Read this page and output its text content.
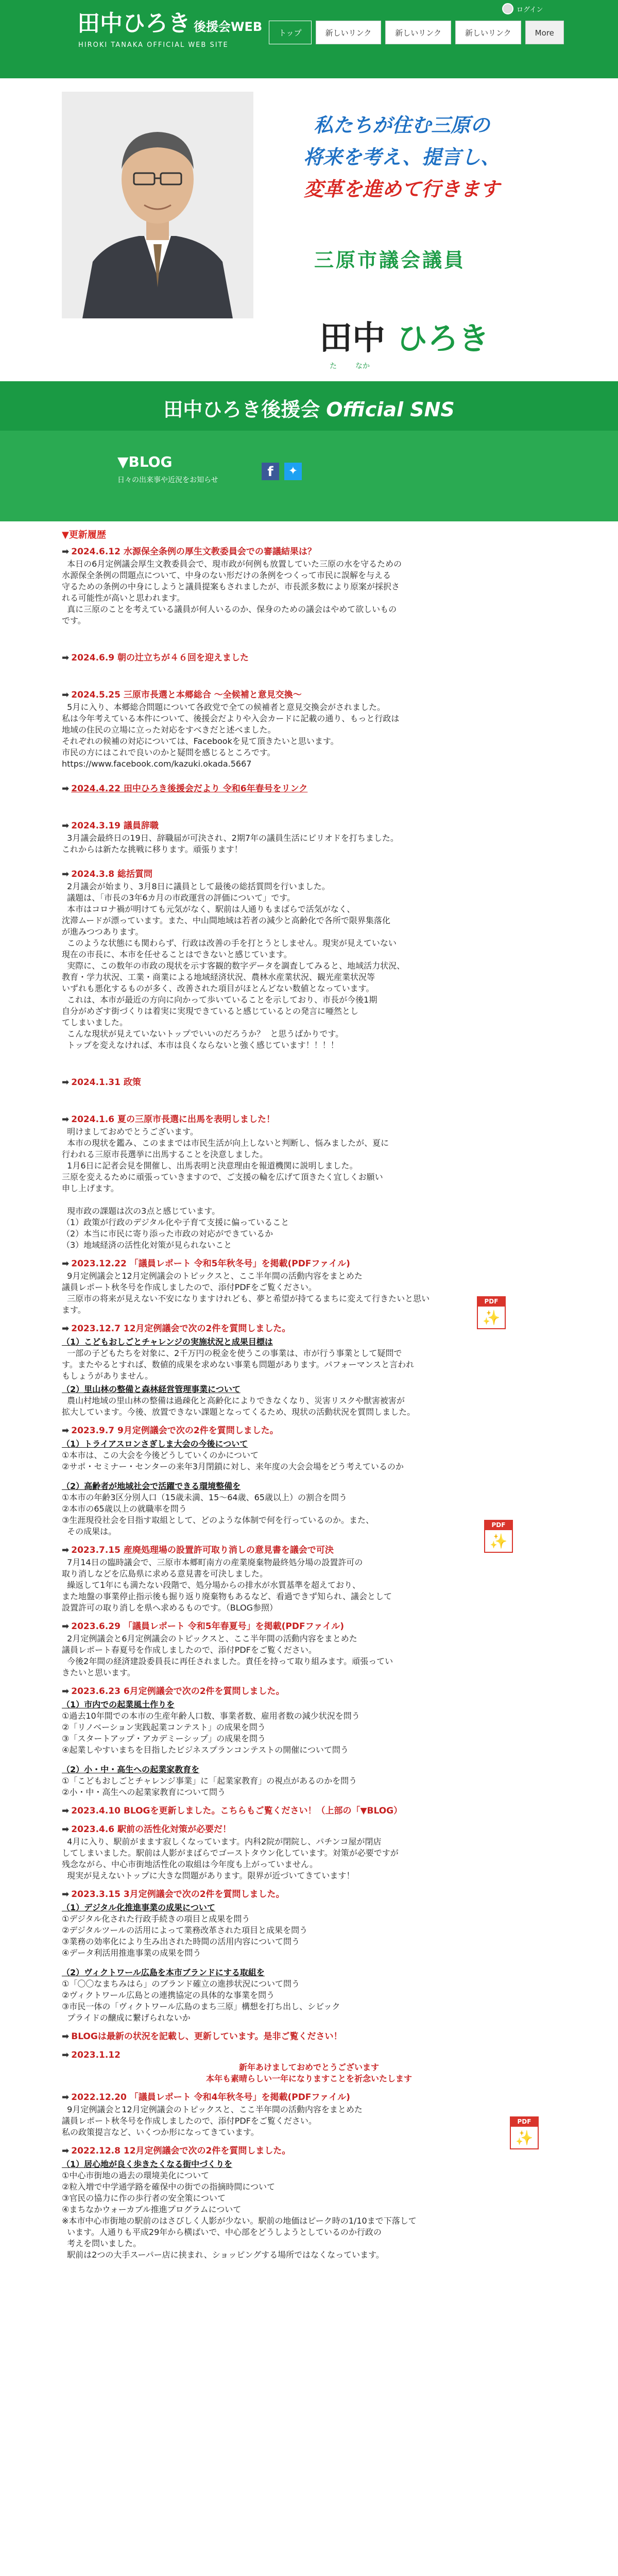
田中ひろき 後援会WEB
HIROKI TANAKA OFFICIAL WEB SITE
ログイン
トップ	新しいリンク	新しいリンク	新しいリンク	More
私たちが住む三原の
将来を考え、提言し、
変革を進めて行きます
三原市議会議員
田中 ひろき
た	なか
田中ひろき後援会 Official SNS
▼BLOG
日々の出来事や近況をお知らせ
f	✦
▼更新履歴
➡ 2024.6.12 水源保全条例の厚生文教委員会での審議結果は？

本日の6月定例議会厚生文教委員会で、現市政が何例も放置していた三原の水を守るための
水源保全条例の問題点について、中身のない形だけの条例をつくって市民に誤解を与える
守るための条例の中身にしようと議員提案もされましたが、市長派多数により原案が採択さ
れる可能性が高いと思われます。
真に三原のことを考えている議員が何人いるのか、保身のための議会はやめて欲しいもの
です。

➡ 2024.6.9 朝の辻立ちが４６回を迎えました
➡ 2024.5.25 三原市長選と本郷総合 ～全候補と意見交換～

5月に入り、本郷総合問題について各政党で全ての候補者と意見交換会がされました。
私は今年考えている本件について、後援会だよりや入会カードに記載の通り、もっと行政は
地域の住民の立場に立った対応をすべきだと述べました。
それぞれの候補の対応については、Facebookを見て頂きたいと思います。
市民の方にはこれで良いのかと疑問を感じるところです。
https://www.facebook.com/kazuki.okada.5667

➡ 2024.4.22 田中ひろき後援会だより 令和6年春号をリンク
➡ 2024.3.19 議員辞職

3月議会最終日の19日、辞職届が可決され、2期7年の議員生活にピリオドを打ちました。
これからは新たな挑戦に移ります。頑張ります！

➡ 2024.3.8 総括質問

2月議会が始まり、3月8日に議員として最後の総括質問を行いました。
議題は、「市長の3年6カ月の市政運営の評価について」です。
本市はコロナ禍が明けても元気がなく、駅前は人通りもまばらで活気がなく、
沈滞ムードが漂っています。また、中山間地域は若者の減少と高齢化で各所で限界集落化
が進みつつあります。
このような状態にも関わらず、行政は改善の手を打とうとしません。現実が見えていない
現在の市長に、本市を任せることはできないと感じています。
実際に、この数年の市政の現状を示す客観的数字データを調査してみると、地域活力状況、
教育・学力状況、工業・商業による地域経済状況、農林水産業状況、観光産業状況等
いずれも悪化するものが多く、改善された項目がほとんどない数値となっています。
これは、本市が最近の方向に向かって歩いていることを示しており、市長が今後1期
自分がめざす街づくりは着実に実現できていると感じているとの発言に唖然とし
てしまいました。
こんな現状が見えていないトップでいいのだろうか？  と思うばかりです。
トップを変えなければ、本市は良くならないと強く感じています！！！！

➡ 2024.1.31 政策
➡ 2024.1.6 夏の三原市長選に出馬を表明しました！

明けましておめでとうございます。
本市の現状を鑑み、このままでは市民生活が向上しないと判断し、悩みましたが、夏に
行われる三原市長選挙に出馬することを決意しました。
1月6日に記者会見を開催し、出馬表明と決意理由を報道機関に説明しました。
三原を変えるために頑張っていきますので、ご支援の輪を広げて頂きたく宜しくお願い
申し上げます。

現市政の課題は次の3点と感じています。
（1）政策が行政のデジタル化や子育て支援に偏っていること
（2）本当に市民に寄り添った市政の対応ができているか
（3）地域経済の活性化対策が見られないこと

➡ 2023.12.22 「議員レポート 令和5年秋冬号」を掲載(PDFファイル)

9月定例議会と12月定例議会のトピックスと、ここ半年間の活動内容をまとめた
議員レポート秋冬号を作成しましたので、添付PDFをご覧ください。
三原市の将来が見えない不安になりますけれども、夢と希望が持てるまちに変えて行きたいと思い
ます。

➡ 2023.12.7 12月定例議会で次の2件を質問しました。
（1）こどもおしごとチャレンジの実施状況と成果目標は

一部の子どもたちを対象に、2千万円の税金を使うこの事業は、市が行う事業として疑問で
す。またやるとすれば、数値的成果を求めない事業も問題があります。パフォーマンスと言われ
もしょうがありません。

（2）里山林の整備と森林経営管理事業について

農山村地域の里山林の整備は過疎化と高齢化によりできなくなり、災害リスクや獣害被害が
拡大しています。今後、放置できない課題となってくるため、現状の活動状況を質問しました。

➡ 2023.9.7 9月定例議会で次の2件を質問しました。
（1）トライアスロンさぎしま大会の今後について

①本市は、この大会を今後どうしていくのかについて
②サポ・セミナー・センターの来年3月閉鎖に対し、来年度の大会会場をどう考えているのか

（2）高齢者が地域社会で活躍できる環境整備を

①本市の年齢3区分別人口（15歳未満、15～64歳、65歳以上）の割合を問う
②本市の65歳以上の就職率を問う
③生涯現役社会を目指す取組として、どのような体制で何を行っているのか。また、
その成果は。

➡ 2023.7.15 産廃処理場の設置許可取り消しの意見書を議会で可決

7月14日の臨時議会で、三原市本郷町南方の産業廃棄物最終処分場の設置許可の
取り消しなどを広島県に求める意見書を可決しました。
繰返して1年にも満たない段階で、処分場からの排水が水質基準を超えており、
また地盤の事業停止指示後も掘り返り廃棄物もあるなど、看過できず知られ、議会として
設置許可の取り消しを県へ求めるものです。（BLOG参照）

➡ 2023.6.29 「議員レポート 令和5年春夏号」を掲載(PDFファイル)

2月定例議会と6月定例議会のトピックスと、ここ半年間の活動内容をまとめた
議員レポート春夏号を作成しましたので、添付PDFをご覧ください。
今後2年間の経済建設委員長に再任されました。責任を持って取り組みます。頑張ってい
きたいと思います。

➡ 2023.6.23 6月定例議会で次の2件を質問しました。
（1）市内での起業風土作りを

①過去10年間での本市の生産年齢人口数、事業者数、雇用者数の減少状況を問う
②「リノベーション実践起業コンテスト」の成果を問う
③「スタートアップ・アカデミーシップ」の成果を問う
④起業しやすいまちを目指したビジネスプランコンテストの開催について問う

（2）小・中・高生への起業家教育を

①「こどもおしごとチャレンジ事業」に「起業家教育」の視点があるのかを問う
②小・中・高生への起業家教育について問う

➡ 2023.4.10 BLOGを更新しました。こちらもご覧ください！（上部の「▼BLOG）
➡ 2023.4.6 駅前の活性化対策が必要だ！

4月に入り、駅前がまます寂しくなっています。内科2院が閉院し、パチンコ屋が閉店
してしまいました。駅前は人影がまばらでゴーストタウン化しています。対策が必要ですが
残念ながら、中心市街地活性化の取組は今年度も上がっていません。
現実が見えないトップに大きな問題があります。限界が近づいてきています！

➡ 2023.3.15 3月定例議会で次の2件を質問しました。
（1）デジタル化推進事業の成果について

①デジタル化された行政手続きの項目と成果を問う
②デジタルツールの活用によって業務改革された項目と成果を問う
③業務の効率化により生み出された時間の活用内容について問う
④データ利活用推進事業の成果を問う

（2）ヴィクトワール広島を本市ブランドにする取組を

①「〇〇なまちみはら」のブランド確立の進捗状況について問う
②ヴィクトワール広島との連携協定の具体的な事業を問う
③市民一体の「ヴィクトワール広島のまち三原」構想を打ち出し、シビック
プライドの醸成に繋げられないか

➡ BLOGは最新の状況を記載し、更新しています。是非ご覧ください！
➡ 2023.1.12
新年あけましておめでとうございます
本年も素晴らしい一年になりますことを祈念いたします
➡ 2022.12.20 「議員レポート 令和4年秋冬号」を掲載(PDFファイル)

9月定例議会と12月定例議会のトピックスと、ここ半年間の活動内容をまとめた
議員レポート秋冬号を作成しましたので、添付PDFをご覧ください。
私の政策提言など、いくつか形になってきています。

➡ 2022.12.8 12月定例議会で次の2件を質問しました。
（1）居心地が良く歩きたくなる街中づくりを

①中心市街地の過去の環境美化について
②粒入増で中学通学路を確保中の街での指摘時間について
③官民の協力に作の歩行者の安全策について
④まちなかウォーカブル推進プログラムについて
※本市中心市街地の駅前のはさびしく人影が少ない。駅前の地価はピーク時の1/10まで下落して
います。人通りも平成29年から横ばいで、中心部をどうしようとしているのか行政の
考えを問いました。
駅前は2つの大手スーパー店に挟まれ、ショッピングする場所ではなくなっています。

PDF
✨
PDF
✨
PDF
✨
